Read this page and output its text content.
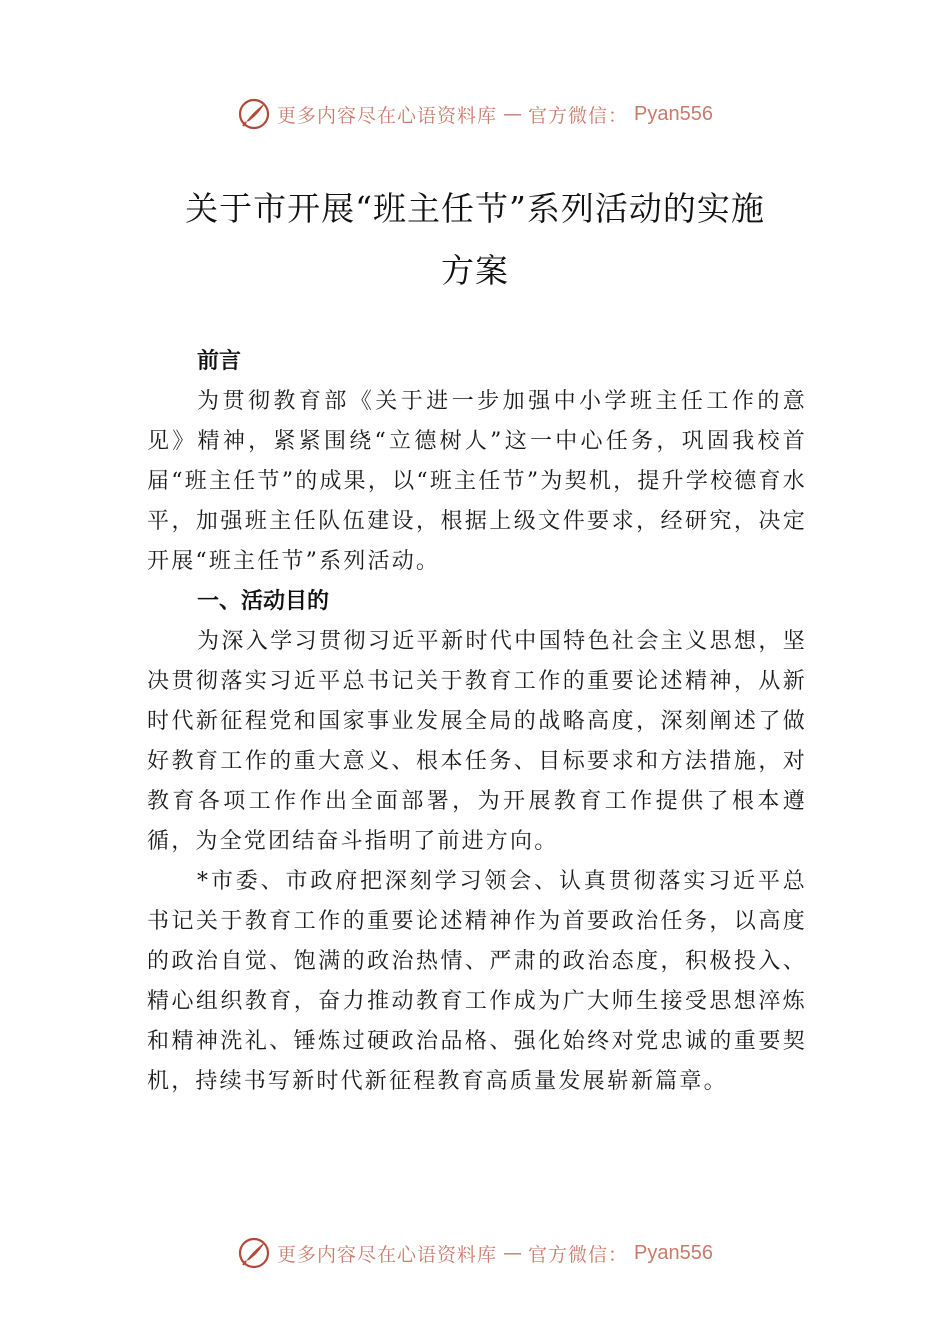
更多内容尽在心语资料库 — 官方微信： Pyan556
关于市开展“班主任节”系列活动的实施
方案

前言

为贯彻教育部《关于进一步加强中小学班主任工作的意见》精神，紧紧围绕“立德树人”这一中心任务，巩固我校首届“班主任节”的成果，以“班主任节”为契机，提升学校德育水平，加强班主任队伍建设，根据上级文件要求，经研究，决定开展“班主任节”系列活动。

一、活动目的

为深入学习贯彻习近平新时代中国特色社会主义思想，坚决贯彻落实习近平总书记关于教育工作的重要论述精神，从新时代新征程党和国家事业发展全局的战略高度，深刻阐述了做好教育工作的重大意义、根本任务、目标要求和方法措施，对教育各项工作作出全面部署，为开展教育工作提供了根本遵循，为全党团结奋斗指明了前进方向。

*市委、市政府把深刻学习领会、认真贯彻落实习近平总书记关于教育工作的重要论述精神作为首要政治任务，以高度的政治自觉、饱满的政治热情、严肃的政治态度，积极投入、精心组织教育，奋力推动教育工作成为广大师生接受思想淬炼和精神洗礼、锤炼过硬政治品格、强化始终对党忠诚的重要契机，持续书写新时代新征程教育高质量发展崭新篇章。

更多内容尽在心语资料库 — 官方微信： Pyan556
